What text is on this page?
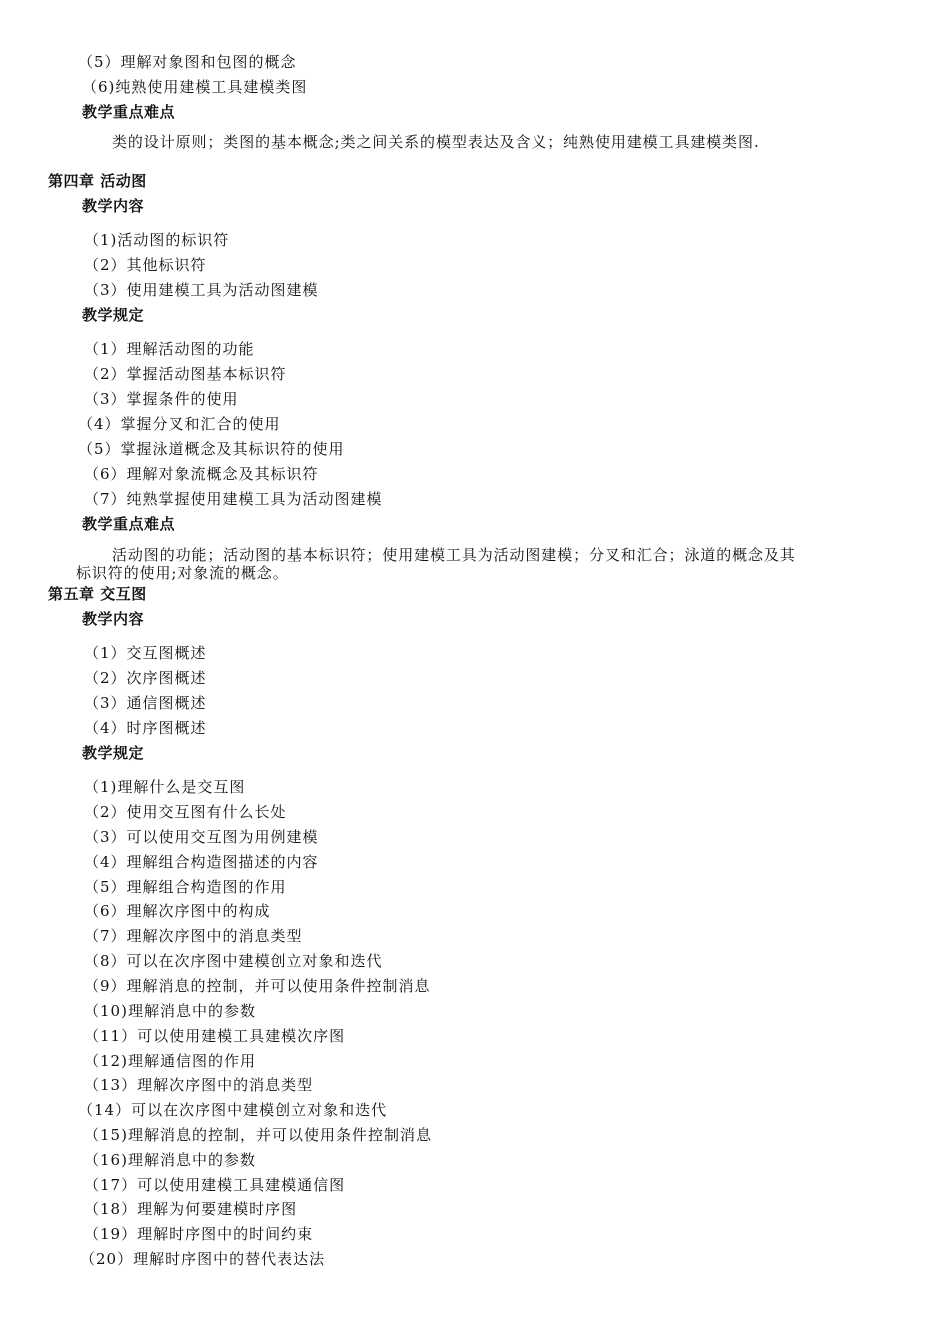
（5）理解对象图和包图的概念
（6)纯熟使用建模工具建模类图
教学重点难点
类的设计原则；类图的基本概念;类之间关系的模型表达及含义；纯熟使用建模工具建模类图.
第四章 活动图
教学内容
（1)活动图的标识符
（2）其他标识符
（3）使用建模工具为活动图建模
教学规定
（1）理解活动图的功能
（2）掌握活动图基本标识符
（3）掌握条件的使用
（4）掌握分叉和汇合的使用
（5）掌握泳道概念及其标识符的使用
（6）理解对象流概念及其标识符
（7）纯熟掌握使用建模工具为活动图建模
教学重点难点
活动图的功能；活动图的基本标识符；使用建模工具为活动图建模；分叉和汇合；泳道的概念及其
标识符的使用;对象流的概念。
第五章 交互图
教学内容
（1）交互图概述
（2）次序图概述
（3）通信图概述
（4）时序图概述
教学规定
（1)理解什么是交互图
（2）使用交互图有什么长处
（3）可以使用交互图为用例建模
（4）理解组合构造图描述的内容
（5）理解组合构造图的作用
（6）理解次序图中的构成
（7）理解次序图中的消息类型
（8）可以在次序图中建模创立对象和迭代
（9）理解消息的控制，并可以使用条件控制消息
（10)理解消息中的参数
（11）可以使用建模工具建模次序图
（12)理解通信图的作用
（13）理解次序图中的消息类型
（14）可以在次序图中建模创立对象和迭代
（15)理解消息的控制，并可以使用条件控制消息
（16)理解消息中的参数
（17）可以使用建模工具建模通信图
（18）理解为何要建模时序图
（19）理解时序图中的时间约束
（20）理解时序图中的替代表达法
